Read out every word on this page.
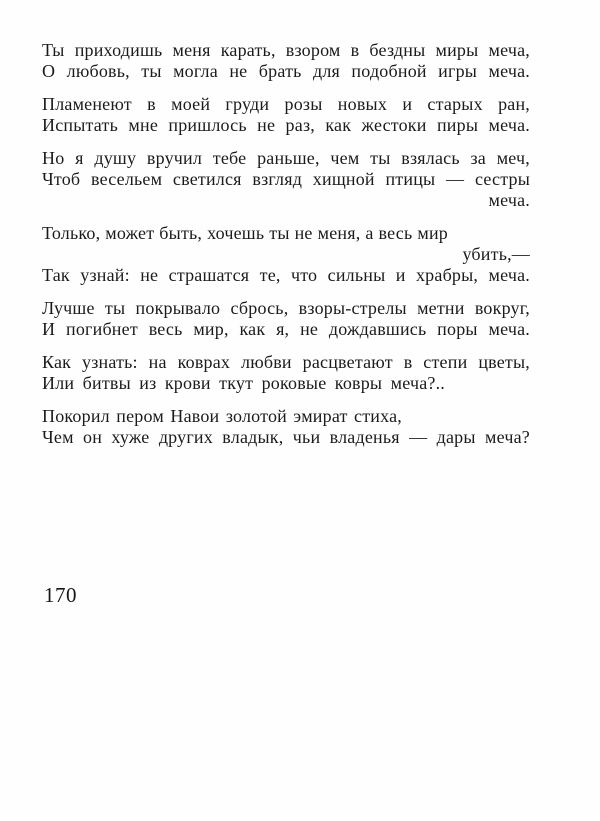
Ты приходишь меня карать, взором в бездны миры меча,
О любовь, ты могла не брать для подобной игры меча.
Пламенеют в моей груди розы новых и старых ран,
Испытать мне пришлось не раз, как жестоки пиры меча.
Но я душу вручил тебе раньше, чем ты взялась за меч,
Чтоб весельем светился взгляд хищной птицы — сестры
меча.
Только, может быть, хочешь ты не меня, а весь мир
убить,—
Так узнай: не страшатся те, что сильны и храбры, меча.
Лучше ты покрывало сбрось, взоры-стрелы метни вокруг,
И погибнет весь мир, как я, не дождавшись поры меча.
Как узнать: на коврах любви расцветают в степи цветы,
Или битвы из крови ткут роковые ковры меча?..
Покорил пером Навои золотой эмират стиха,
Чем он хуже других владык, чьи владенья — дары меча?
170
